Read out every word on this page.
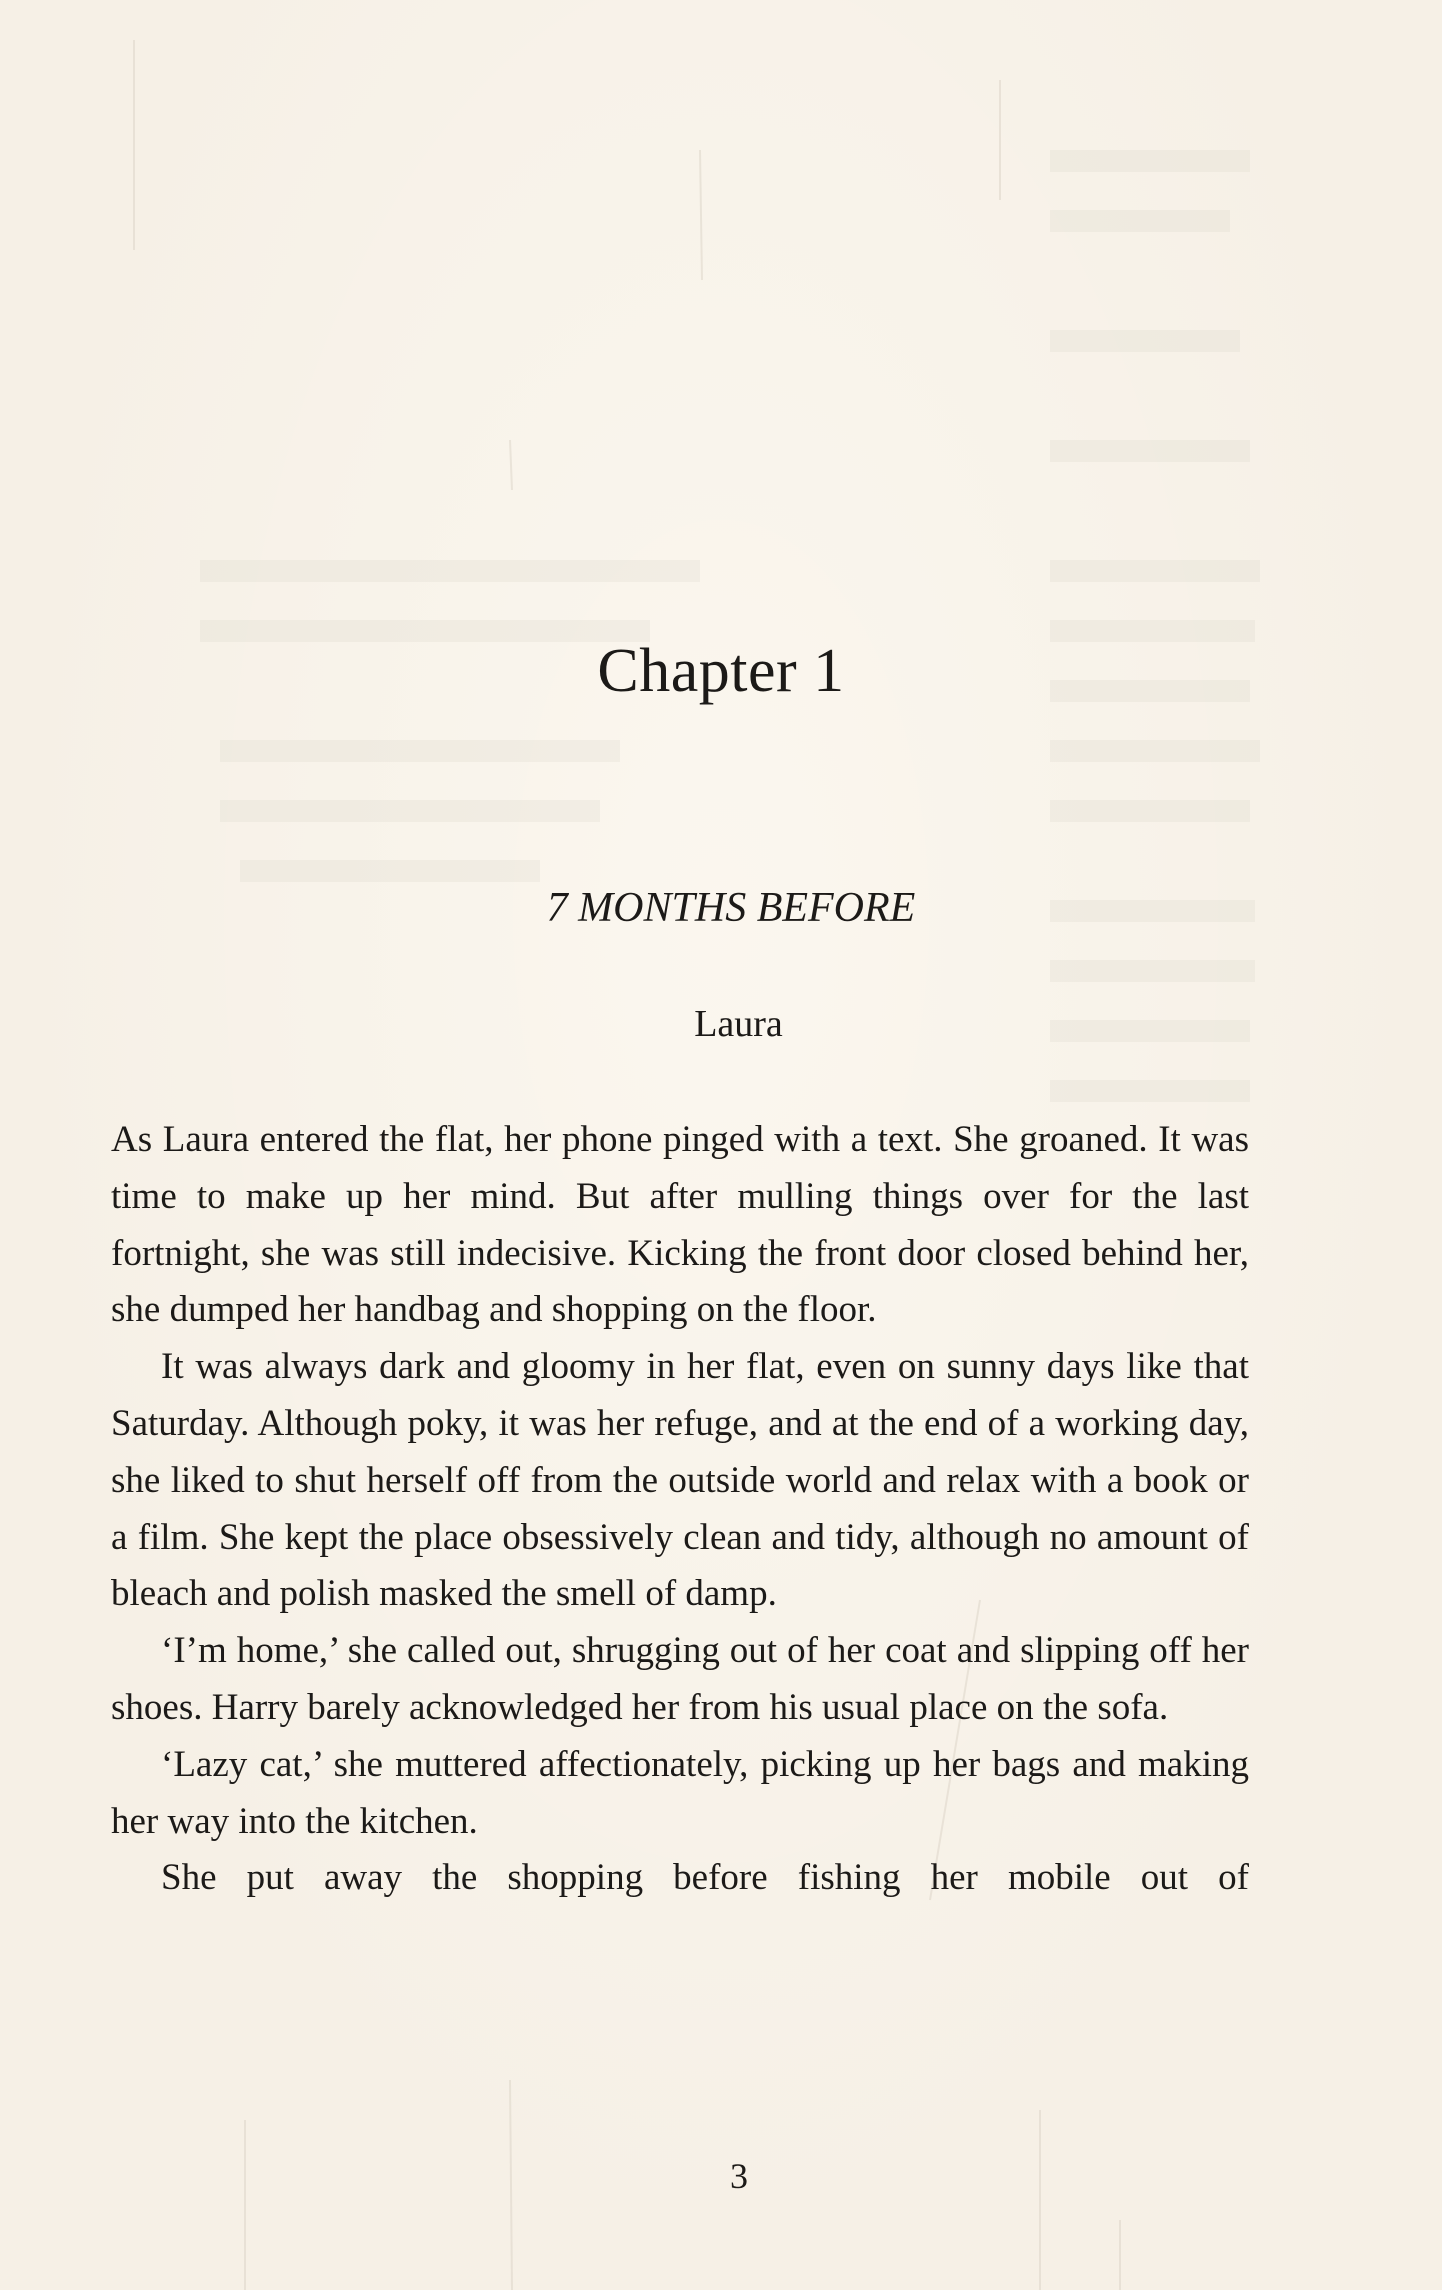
Chapter 1
7 MONTHS BEFORE
Laura

As Laura entered the flat, her phone pinged with a text. She groaned. It was time to make up her mind. But after mulling things over for the last fortnight, she was still indecisive. Kicking the front door closed behind her, she dumped her handbag and shopping on the floor.

It was always dark and gloomy in her flat, even on sunny days like that Saturday. Although poky, it was her refuge, and at the end of a working day, she liked to shut herself off from the outside world and relax with a book or a film. She kept the place obsessively clean and tidy, although no amount of bleach and polish masked the smell of damp.

‘I’m home,’ she called out, shrugging out of her coat and slipping off her shoes. Harry barely acknowledged her from his usual place on the sofa.

‘Lazy cat,’ she muttered affectionately, picking up her bags and making her way into the kitchen.

She put away the shopping before fishing her mobile out of

3
